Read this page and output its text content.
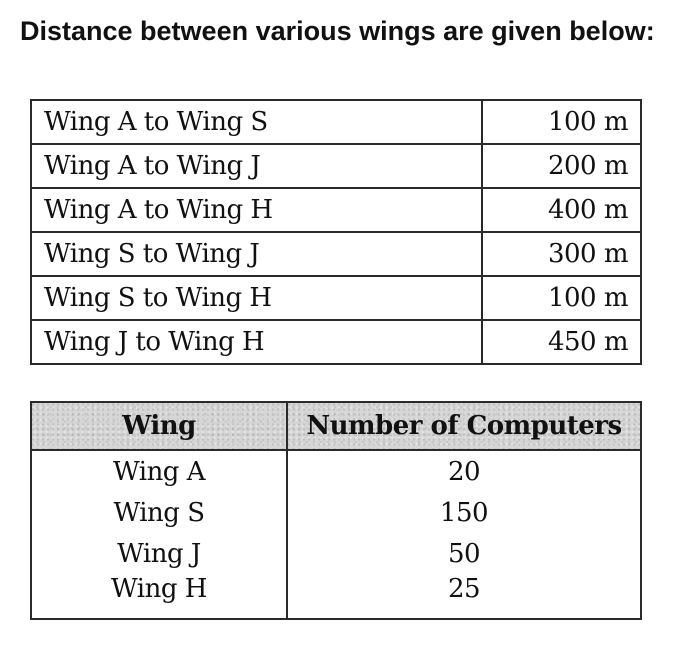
Distance between various wings are given below:

Wing A to Wing S	100 m
Wing A to Wing J	200 m
Wing A to Wing H	400 m
Wing S to Wing J	300 m
Wing S to Wing H	100 m
Wing J to Wing H	450 m
Wing	Number of Computers
Wing A	20
Wing S	150
Wing J	50
Wing H	25
